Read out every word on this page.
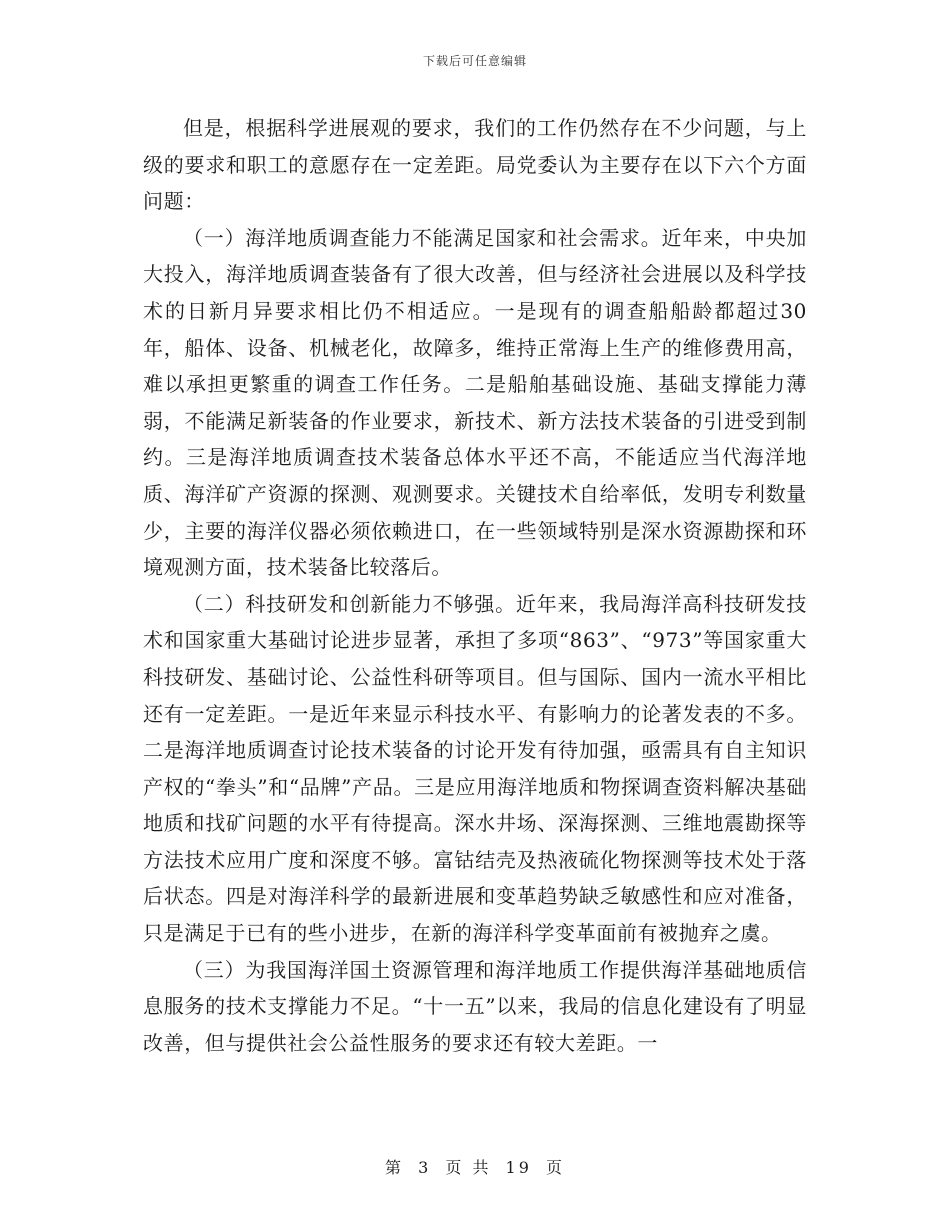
下载后可任意编辑

但是，根据科学进展观的要求，我们的工作仍然存在不少问题，与上级的要求和职工的意愿存在一定差距。局党委认为主要存在以下六个方面问题：

（一）海洋地质调查能力不能满足国家和社会需求。近年来，中央加大投入，海洋地质调查装备有了很大改善，但与经济社会进展以及科学技术的日新月异要求相比仍不相适应。一是现有的调查船船龄都超过30年，船体、设备、机械老化，故障多，维持正常海上生产的维修费用高，难以承担更繁重的调查工作任务。二是船舶基础设施、基础支撑能力薄弱，不能满足新装备的作业要求，新技术、新方法技术装备的引进受到制约。三是海洋地质调查技术装备总体水平还不高，不能适应当代海洋地质、海洋矿产资源的探测、观测要求。关键技术自给率低，发明专利数量少，主要的海洋仪器必须依赖进口，在一些领域特别是深水资源勘探和环境观测方面，技术装备比较落后。

（二）科技研发和创新能力不够强。近年来，我局海洋高科技研发技术和国家重大基础讨论进步显著，承担了多项“863”、“973”等国家重大科技研发、基础讨论、公益性科研等项目。但与国际、国内一流水平相比还有一定差距。一是近年来显示科技水平、有影响力的论著发表的不多。二是海洋地质调查讨论技术装备的讨论开发有待加强，亟需具有自主知识产权的“拳头”和“品牌”产品。三是应用海洋地质和物探调查资料解决基础地质和找矿问题的水平有待提高。深水井场、深海探测、三维地震勘探等方法技术应用广度和深度不够。富钴结壳及热液硫化物探测等技术处于落后状态。四是对海洋科学的最新进展和变革趋势缺乏敏感性和应对准备，只是满足于已有的些小进步，在新的海洋科学变革面前有被抛弃之虞。

（三）为我国海洋国土资源管理和海洋地质工作提供海洋基础地质信息服务的技术支撑能力不足。“十一五”以来，我局的信息化建设有了明显改善，但与提供社会公益性服务的要求还有较大差距。一

第 3 页 共 19 页
